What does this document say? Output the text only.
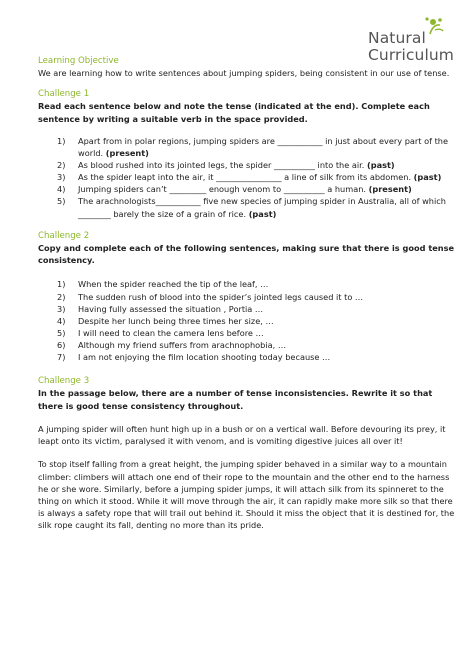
Natural
Curriculum

Learning Objective

We are learning how to write sentences about jumping spiders, being consistent in our use of tense.

Challenge 1

Read each sentence below and note the tense (indicated at the end). Complete each sentence by writing a suitable verb in the space provided.

1) Apart from in polar regions, jumping spiders are ___________ in just about every part of the world. (present)
2) As blood rushed into its jointed legs, the spider __________ into the air. (past)
3) As the spider leapt into the air, it ________________ a line of silk from its abdomen. (past)
4) Jumping spiders can’t _________ enough venom to __________ a human. (present)
5) The arachnologists___________ five new species of jumping spider in Australia, all of which ________ barely the size of a grain of rice. (past)

Challenge 2

Copy and complete each of the following sentences, making sure that there is good tense consistency.

1) When the spider reached the tip of the leaf, …
2) The sudden rush of blood into the spider’s jointed legs caused it to …
3) Having fully assessed the situation , Portia …
4) Despite her lunch being three times her size, …
5) I will need to clean the camera lens before …
6) Although my friend suffers from arachnophobia, …
7) I am not enjoying the film location shooting today because …

Challenge 3

In the passage below, there are a number of tense inconsistencies. Rewrite it so that there is good tense consistency throughout.

A jumping spider will often hunt high up in a bush or on a vertical wall. Before devouring its prey, it leapt onto its victim, paralysed it with venom, and is vomiting digestive juices all over it!

To stop itself falling from a great height, the jumping spider behaved in a similar way to a mountain climber: climbers will attach one end of their rope to the mountain and the other end to the harness he or she wore. Similarly, before a jumping spider jumps, it will attach silk from its spinneret to the thing on which it stood. While it will move through the air, it can rapidly make more silk so that there is always a safety rope that will trail out behind it. Should it miss the object that it is destined for, the silk rope caught its fall, denting no more than its pride.
